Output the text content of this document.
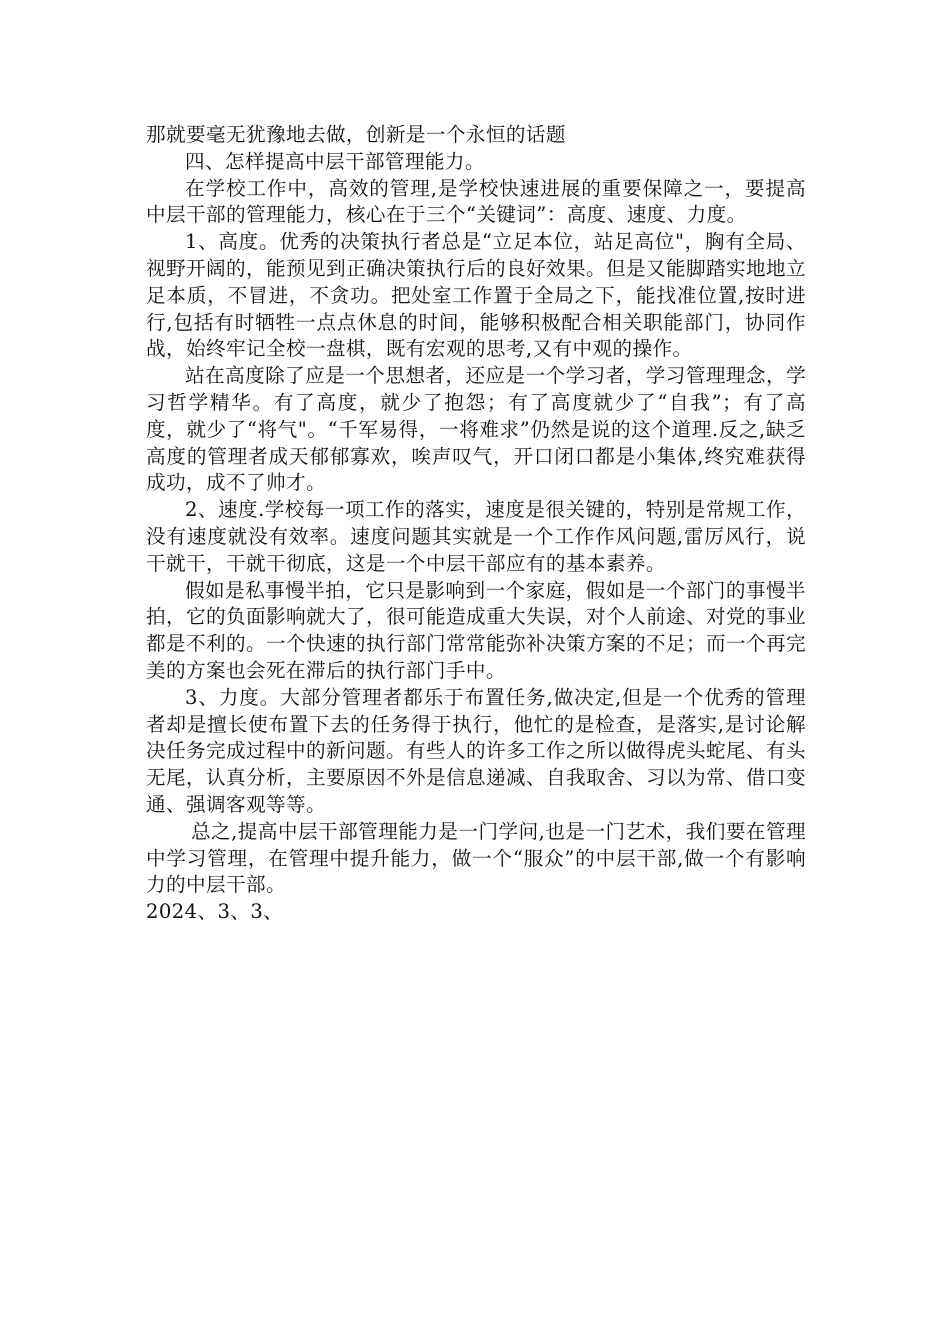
那就要毫无犹豫地去做，创新是一个永恒的话题

四、怎样提高中层干部管理能力。

在学校工作中，高效的管理,是学校快速进展的重要保障之一，要提高中层干部的管理能力，核心在于三个“关键词”：高度、速度、力度。

1、高度。优秀的决策执行者总是“立足本位，站足高位"，胸有全局、视野开阔的，能预见到正确决策执行后的良好效果。但是又能脚踏实地地立足本质，不冒进，不贪功。把处室工作置于全局之下，能找准位置,按时进行,包括有时牺牲一点点休息的时间，能够积极配合相关职能部门，协同作战，始终牢记全校一盘棋，既有宏观的思考,又有中观的操作。

站在高度除了应是一个思想者，还应是一个学习者，学习管理理念，学习哲学精华。有了高度，就少了抱怨；有了高度就少了“自我”；有了高度，就少了“将气"。“千军易得，一将难求”仍然是说的这个道理.反之,缺乏高度的管理者成天郁郁寡欢，唉声叹气，开口闭口都是小集体,终究难获得成功，成不了帅才。

2、速度.学校每一项工作的落实，速度是很关键的，特别是常规工作，没有速度就没有效率。速度问题其实就是一个工作作风问题,雷厉风行，说干就干，干就干彻底，这是一个中层干部应有的基本素养。

假如是私事慢半拍，它只是影响到一个家庭，假如是一个部门的事慢半拍，它的负面影响就大了，很可能造成重大失误，对个人前途、对党的事业都是不利的。一个快速的执行部门常常能弥补决策方案的不足；而一个再完美的方案也会死在滞后的执行部门手中。

3、力度。大部分管理者都乐于布置任务,做决定,但是一个优秀的管理者却是擅长使布置下去的任务得于执行，他忙的是检查，是落实,是讨论解决任务完成过程中的新问题。有些人的许多工作之所以做得虎头蛇尾、有头无尾，认真分析，主要原因不外是信息递减、自我取舍、习以为常、借口变通、强调客观等等。

总之,提高中层干部管理能力是一门学问,也是一门艺术，我们要在管理中学习管理，在管理中提升能力，做一个“服众”的中层干部,做一个有影响力的中层干部。

2024、3、3、
